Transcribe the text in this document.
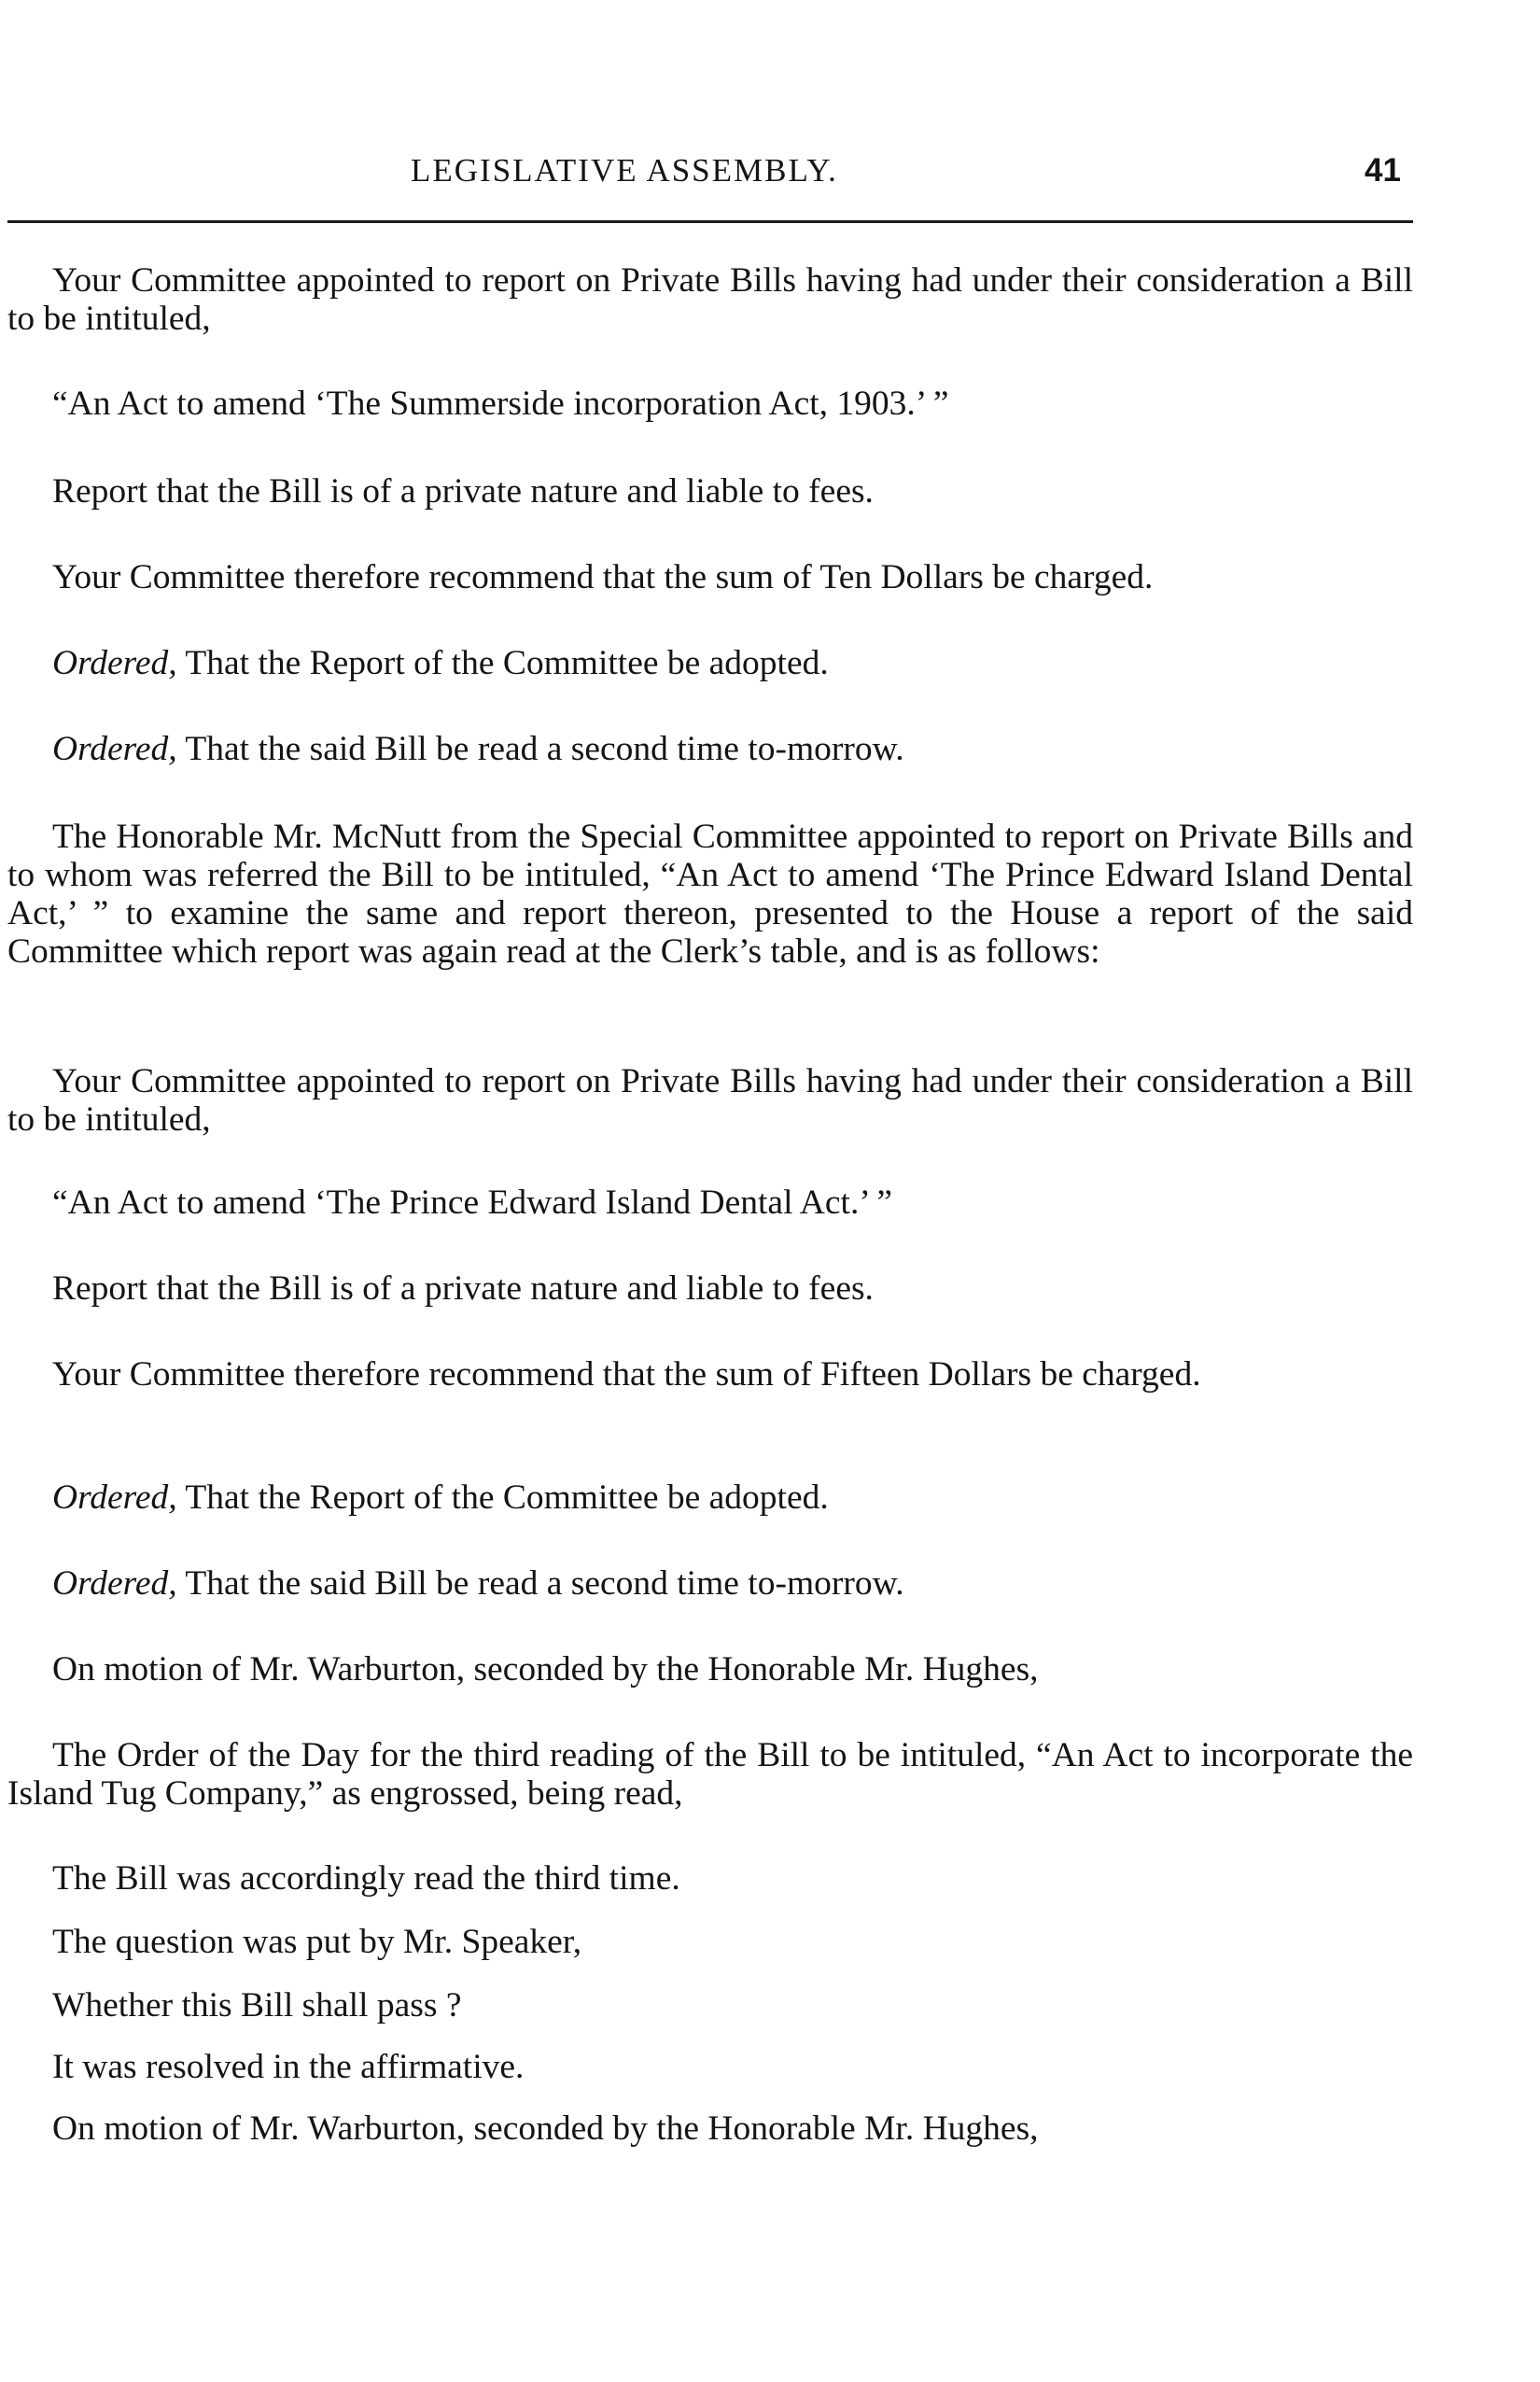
LEGISLATIVE ASSEMBLY.	41

Your Committee appointed to report on Private Bills having had under their consideration a Bill to be intituled,

“An Act to amend ‘The Summerside incorporation Act, 1903.’ ”

Report that the Bill is of a private nature and liable to fees.

Your Committee therefore recommend that the sum of Ten Dollars be charged.

Ordered, That the Report of the Committee be adopted.

Ordered, That the said Bill be read a second time to-morrow.

The Honorable Mr. McNutt from the Special Committee appointed to report on Private Bills and to whom was referred the Bill to be intituled, “An Act to amend ‘The Prince Edward Island Dental Act,’ ” to examine the same and report thereon, presented to the House a report of the said Committee which report was again read at the Clerk’s table, and is as follows:

Your Committee appointed to report on Private Bills having had under their consideration a Bill to be intituled,

“An Act to amend ‘The Prince Edward Island Dental Act.’ ”

Report that the Bill is of a private nature and liable to fees.

Your Committee therefore recommend that the sum of Fifteen Dollars be charged.

Ordered, That the Report of the Committee be adopted.

Ordered, That the said Bill be read a second time to-morrow.

On motion of Mr. Warburton, seconded by the Honorable Mr. Hughes,

The Order of the Day for the third reading of the Bill to be intituled, “An Act to incorporate the Island Tug Company,” as engrossed, being read,

The Bill was accordingly read the third time.

The question was put by Mr. Speaker,

Whether this Bill shall pass ?

It was resolved in the affirmative.

On motion of Mr. Warburton, seconded by the Honorable Mr. Hughes,
